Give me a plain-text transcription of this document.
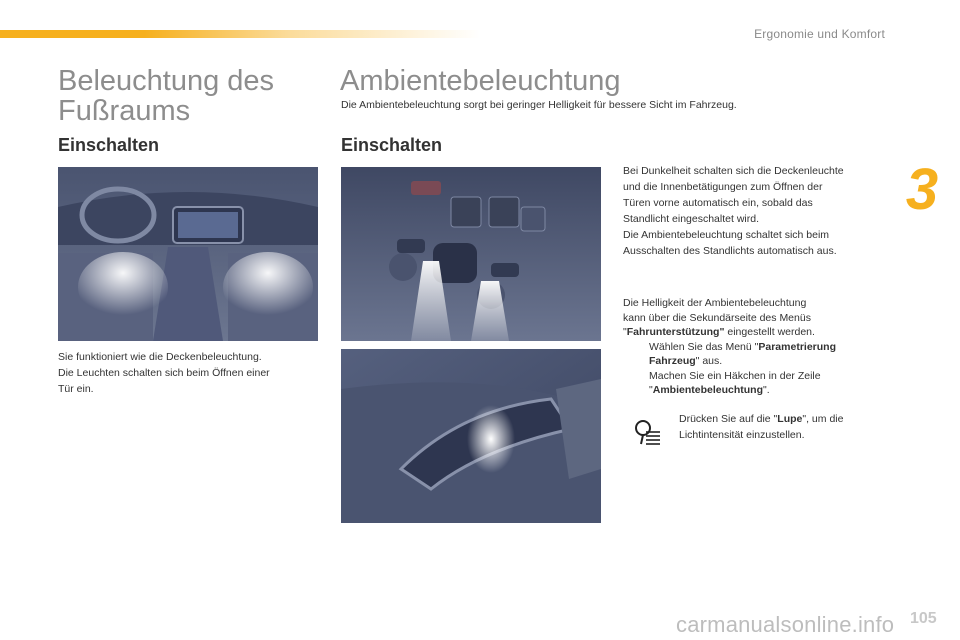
Ergonomie und Komfort
3
Beleuchtung des
Fußraums
Einschalten
Sie funktioniert wie die Deckenbeleuchtung.
Die Leuchten schalten sich beim Öffnen einer
Tür ein.
Ambientebeleuchtung
Die Ambientebeleuchtung sorgt bei geringer Helligkeit für bessere Sicht im Fahrzeug.
Einschalten
Bei Dunkelheit schalten sich die Deckenleuchte
und die Innenbetätigungen zum Öffnen der
Türen vorne automatisch ein, sobald das
Standlicht eingeschaltet wird.
Die Ambientebeleuchtung schaltet sich beim
Ausschalten des Standlichts automatisch aus.
Die Helligkeit der Ambientebeleuchtung
kann über die Sekundärseite des Menüs
"Fahrunterstützung" eingestellt werden.
Wählen Sie das Menü "Parametrierung
Fahrzeug" aus.
Machen Sie ein Häkchen in der Zeile
"Ambientebeleuchtung".
Drücken Sie auf die "Lupe", um die
Lichtintensität einzustellen.
105
carmanualsonline.info
